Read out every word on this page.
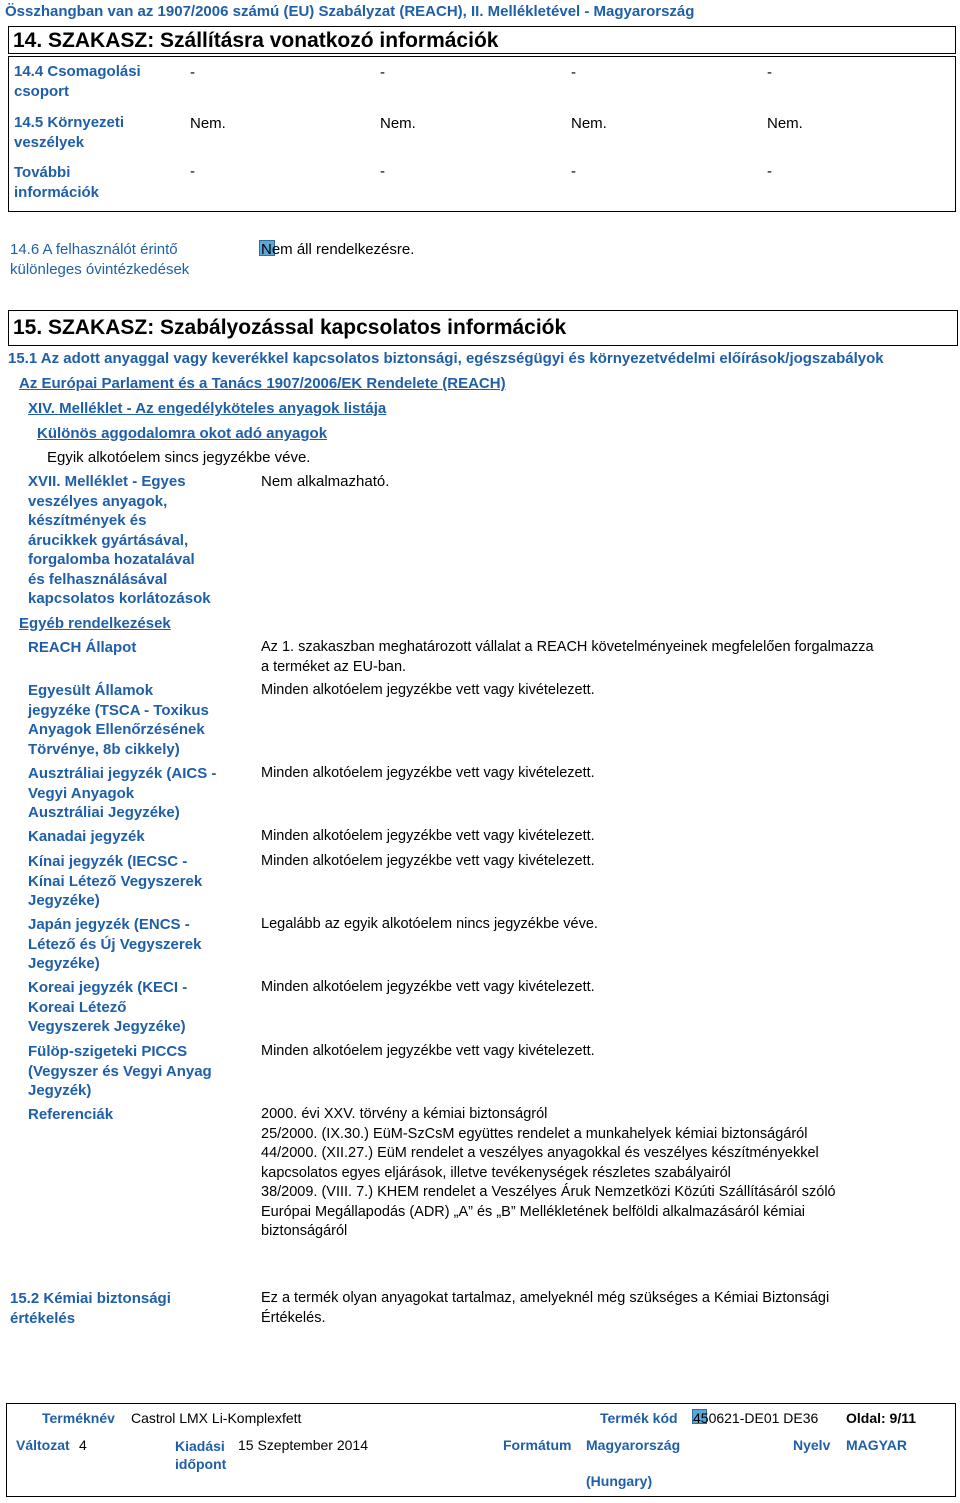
Összhangban van az 1907/2006 számú (EU) Szabályzat (REACH), II. Mellékletével - Magyarország
14. SZAKASZ: Szállításra vonatkozó információk
14.4 Csomagolási
csoport
-	-	-	-
14.5 Környezeti
veszélyek
Nem.	Nem.	Nem.	Nem.
További
információk
-	-	-	-
14.6 A felhasználót érintő
különleges óvintézkedések
Nem áll rendelkezésre.
15. SZAKASZ: Szabályozással kapcsolatos információk
15.1 Az adott anyaggal vagy keverékkel kapcsolatos biztonsági, egészségügyi és környezetvédelmi előírások/jogszabályok
Az Európai Parlament és a Tanács 1907/2006/EK Rendelete (REACH)
XIV. Melléklet - Az engedélyköteles anyagok listája
Különös aggodalomra okot adó anyagok
Egyik alkotóelem sincs jegyzékbe véve.
XVII. Melléklet - Egyes
veszélyes anyagok,
készítmények és
árucikkek gyártásával,
forgalomba hozatalával
és felhasználásával
kapcsolatos korlátozások
Nem alkalmazható.
Egyéb rendelkezések
REACH Állapot	Az 1. szakaszban meghatározott vállalat a REACH követelményeinek megfelelően forgalmazza
a terméket az EU-ban.
Egyesült Államok
jegyzéke (TSCA - Toxikus
Anyagok Ellenőrzésének
Törvénye, 8b cikkely)
Minden alkotóelem jegyzékbe vett vagy kivételezett.
Ausztráliai jegyzék (AICS -
Vegyi Anyagok
Ausztráliai Jegyzéke)
Minden alkotóelem jegyzékbe vett vagy kivételezett.
Kanadai jegyzék	Minden alkotóelem jegyzékbe vett vagy kivételezett.
Kínai jegyzék (IECSC -
Kínai Létező Vegyszerek
Jegyzéke)
Minden alkotóelem jegyzékbe vett vagy kivételezett.
Japán jegyzék (ENCS -
Létező és Új Vegyszerek
Jegyzéke)
Legalább az egyik alkotóelem nincs jegyzékbe véve.
Koreai jegyzék (KECI -
Koreai Létező
Vegyszerek Jegyzéke)
Minden alkotóelem jegyzékbe vett vagy kivételezett.
Fülöp-szigeteki PICCS
(Vegyszer és Vegyi Anyag
Jegyzék)
Minden alkotóelem jegyzékbe vett vagy kivételezett.
Referenciák	2000. évi XXV. törvény a kémiai biztonságról
25/2000. (IX.30.) EüM-SzCsM együttes rendelet a munkahelyek kémiai biztonságáról
44/2000. (XII.27.) EüM rendelet a veszélyes anyagokkal és veszélyes készítményekkel
kapcsolatos egyes eljárások, illetve tevékenységek részletes szabályairól
38/2009. (VIII. 7.) KHEM rendelet a Veszélyes Áruk Nemzetközi Közúti Szállításáról szóló
Európai Megállapodás (ADR) „A” és „B” Mellékletének belföldi alkalmazásáról kémiai
biztonságáról
15.2 Kémiai biztonsági
értékelés
Ez a termék olyan anyagokat tartalmaz, amelyeknél még szükséges a Kémiai Biztonsági
Értékelés.
Terméknév Castrol LMX Li-Komplexfett	Termék kód 450621-DE01 DE36 Oldal: 9/11
Változat 4	Kiadási
időpont
15 Szeptember 2014	Formátum Magyarország
(Hungary)
Nyelv MAGYAR
